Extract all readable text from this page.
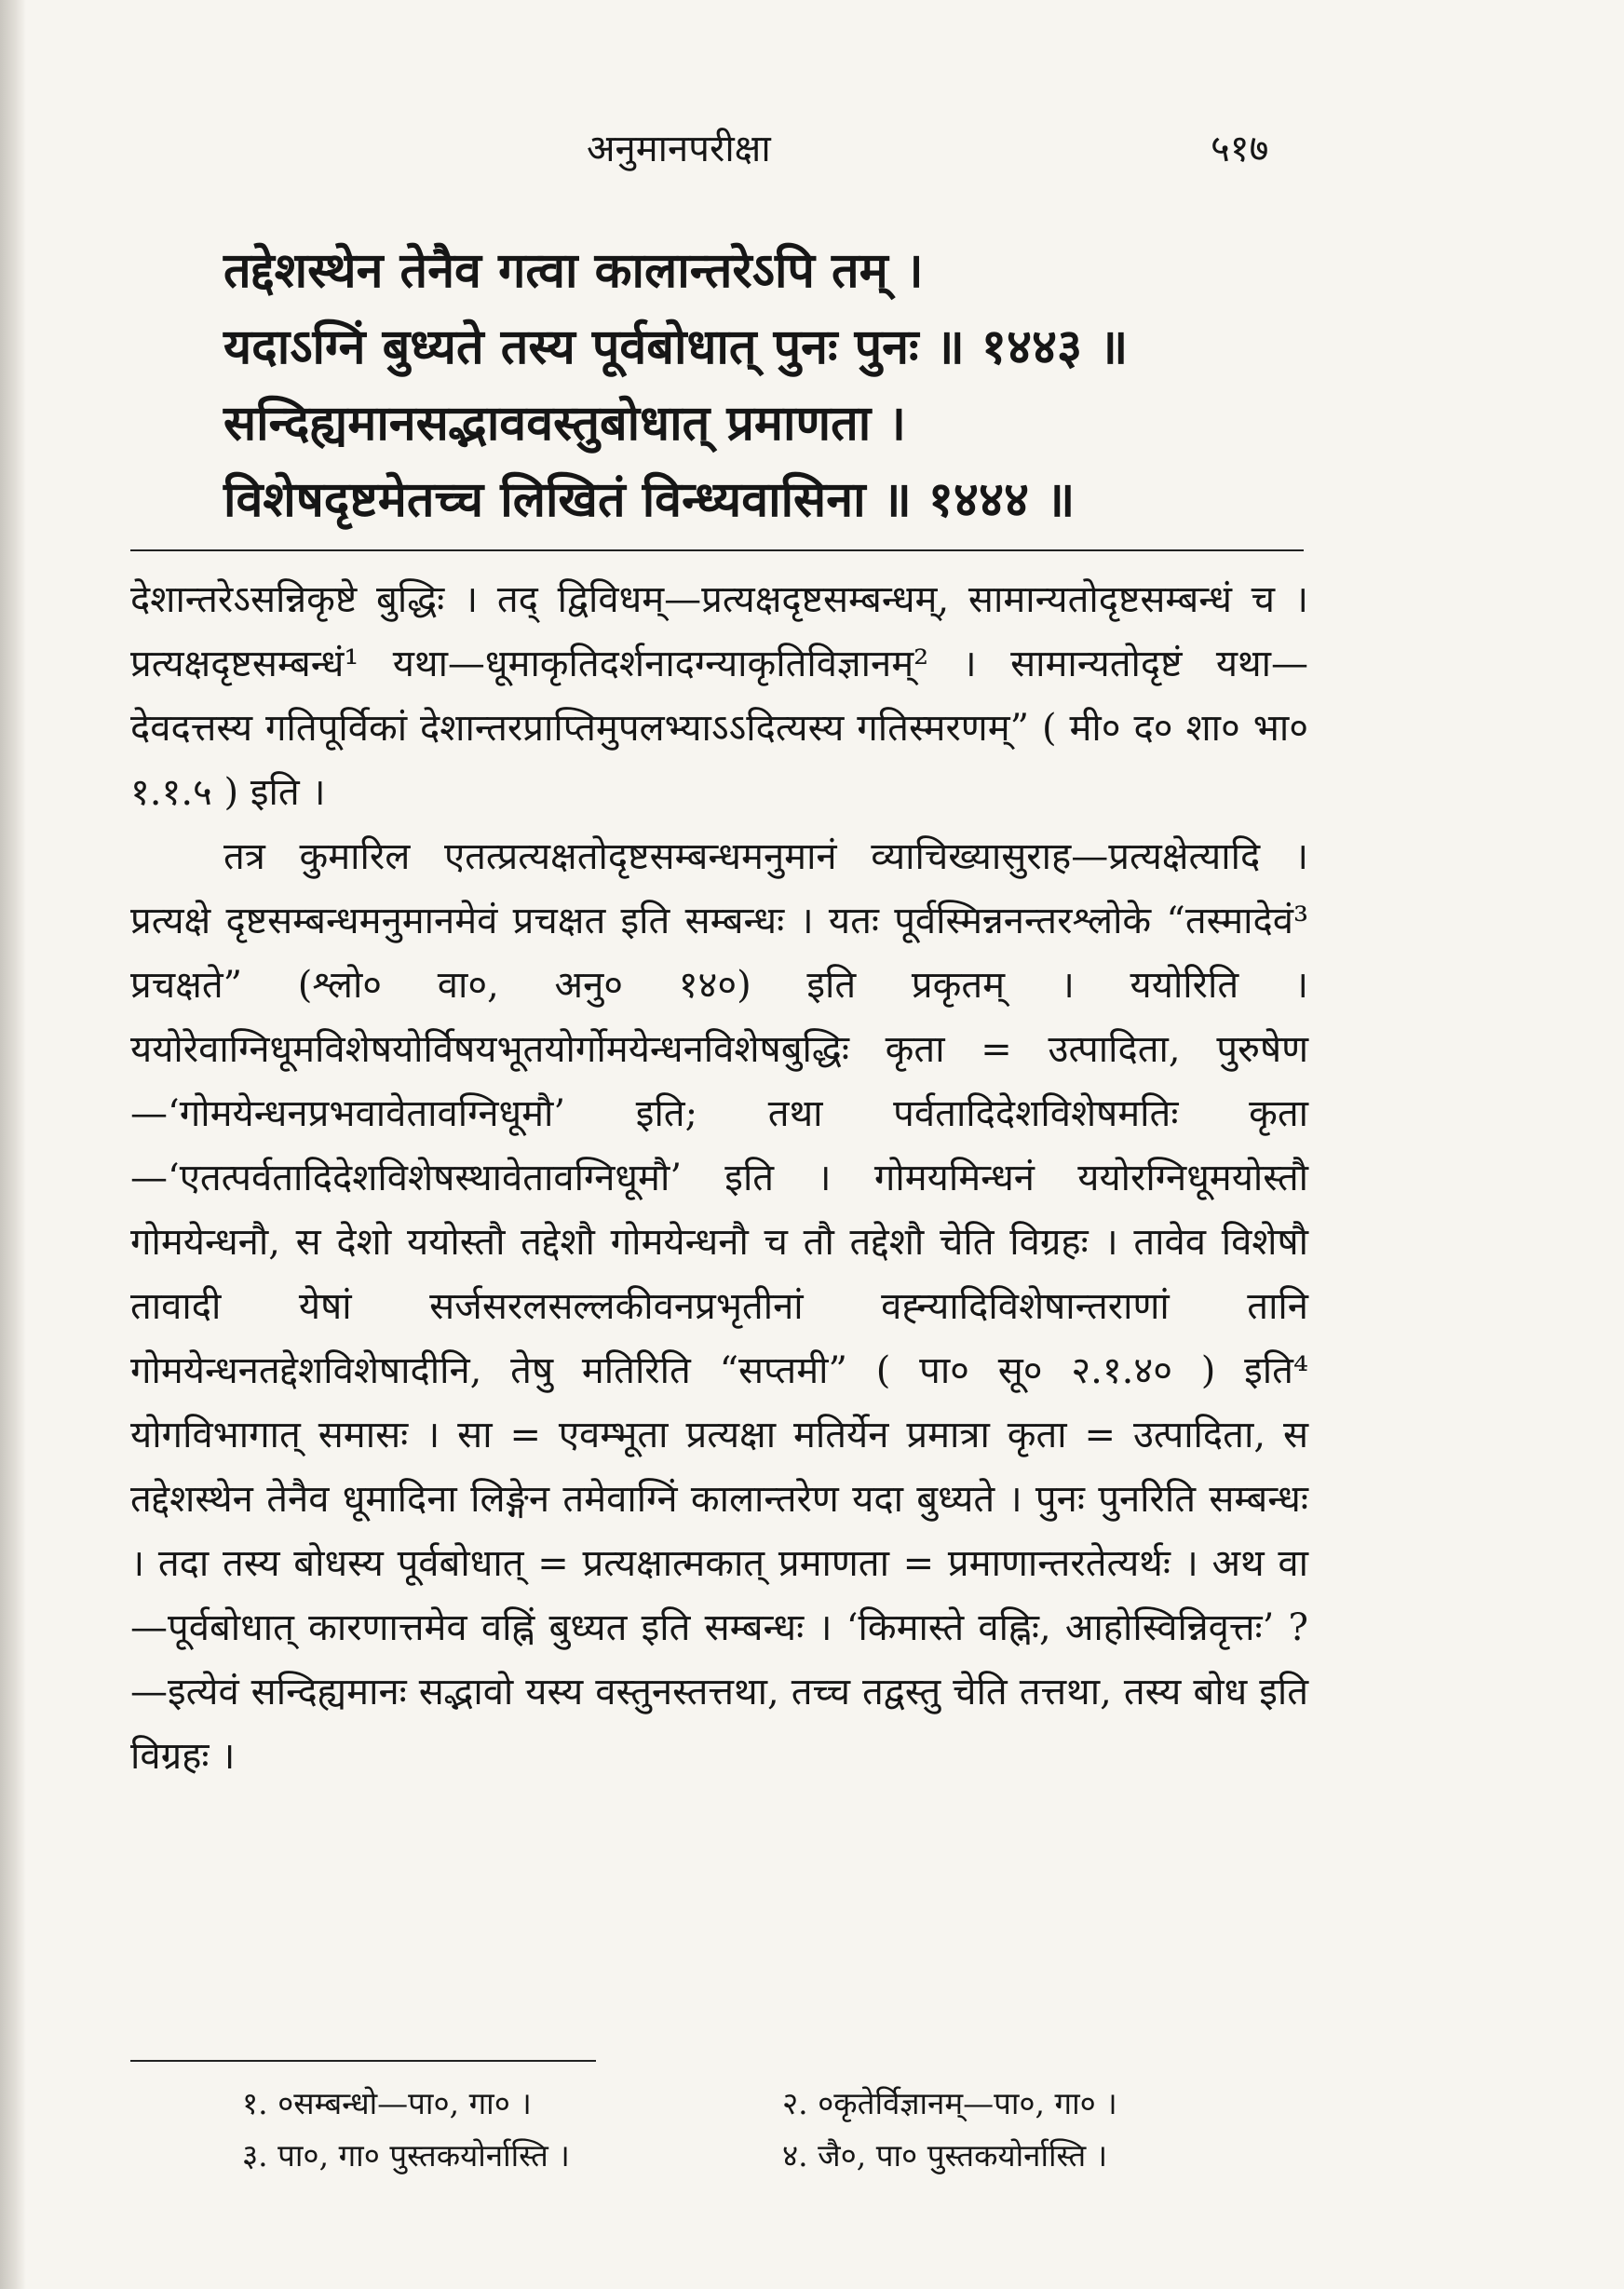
अनुमानपरीक्षा	५१७
तद्देशस्थेन तेनैव गत्वा कालान्तरेऽपि तम् ।
यदाऽग्निं बुध्यते तस्य पूर्वबोधात् पुनः पुनः ॥ १४४३ ॥
सन्दिह्यमानसद्भाववस्तुबोधात् प्रमाणता ।
विशेषदृष्टमेतच्च लिखितं विन्ध्यवासिना ॥ १४४४ ॥

देशान्तरेऽसन्निकृष्टे बुद्धिः । तद् द्विविधम्—प्रत्यक्षदृष्टसम्बन्धम्, सामान्यतोदृष्टसम्बन्धं च । प्रत्यक्षदृष्टसम्बन्धं¹ यथा—धूमाकृतिदर्शनादग्न्याकृतिविज्ञानम्² । सामान्यतोदृष्टं यथा—देवदत्तस्य गतिपूर्विकां देशान्तरप्राप्तिमुपलभ्याऽऽदित्यस्य गतिस्मरणम्” ( मी० द० शा० भा० १.१.५ ) इति ।

तत्र कुमारिल एतत्प्रत्यक्षतोदृष्टसम्बन्धमनुमानं व्याचिख्यासुराह—प्रत्यक्षेत्यादि । प्रत्यक्षे दृष्टसम्बन्धमनुमानमेवं प्रचक्षत इति सम्बन्धः । यतः पूर्वस्मिन्ननन्तरश्लोके “तस्मादेवं³ प्रचक्षते” (श्लो० वा०, अनु० १४०) इति प्रकृतम् । ययोरिति । ययोरेवाग्निधूमविशेषयोर्विषयभूतयोर्गोमयेन्धनविशेषबुद्धिः कृता = उत्पादिता, पुरुषेण—‘गोमयेन्धनप्रभवावेतावग्निधूमौ’ इति; तथा पर्वतादिदेशविशेषमतिः कृता—‘एतत्पर्वतादिदेशविशेषस्थावेतावग्निधूमौ’ इति । गोमयमिन्धनं ययोरग्निधूमयोस्तौ गोमयेन्धनौ, स देशो ययोस्तौ तद्देशौ गोमयेन्धनौ च तौ तद्देशौ चेति विग्रहः । तावेव विशेषौ तावादी येषां सर्जसरलसल्लकीवनप्रभृतीनां वह्न्यादिविशेषान्तराणां तानि गोमयेन्धनतद्देशविशेषादीनि, तेषु मतिरिति “सप्तमी” ( पा० सू० २.१.४० ) इति⁴ योगविभागात् समासः । सा = एवम्भूता प्रत्यक्षा मतिर्येन प्रमात्रा कृता = उत्पादिता, स तद्देशस्थेन तेनैव धूमादिना लिङ्गेन तमेवाग्निं कालान्तरेण यदा बुध्यते । पुनः पुनरिति सम्बन्धः । तदा तस्य बोधस्य पूर्वबोधात् = प्रत्यक्षात्मकात् प्रमाणता = प्रमाणान्तरतेत्यर्थः । अथ वा—पूर्वबोधात् कारणात्तमेव वह्निं बुध्यत इति सम्बन्धः । ‘किमास्ते वह्निः, आहोस्विन्निवृत्तः’ ? —इत्येवं सन्दिह्यमानः सद्भावो यस्य वस्तुनस्तत्तथा, तच्च तद्वस्तु चेति तत्तथा, तस्य बोध इति विग्रहः ।

१. ०सम्बन्धो—पा०, गा० ।	२. ०कृतेर्विज्ञानम्—पा०, गा० ।
३. पा०, गा० पुस्तकयोर्नास्ति ।	४. जै०, पा० पुस्तकयोर्नास्ति ।
